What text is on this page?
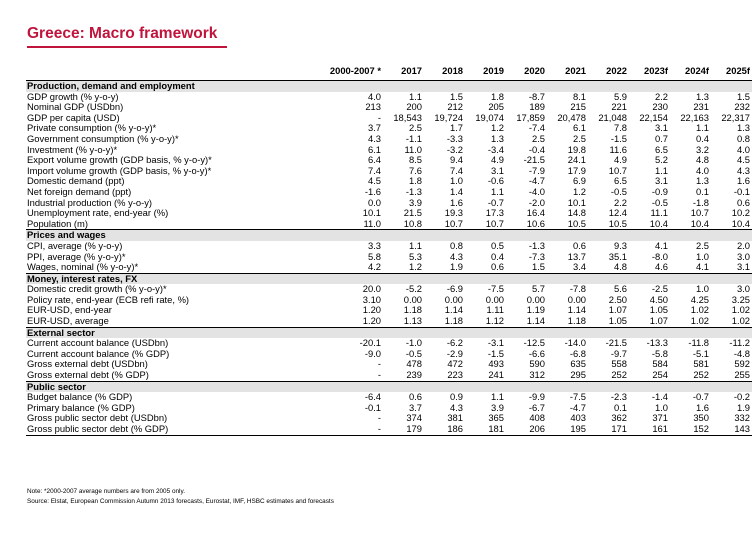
Greece: Macro framework
	2000-2007 *	2017	2018	2019	2020	2021	2022	2023f	2024f	2025f
Production, demand and employment										
GDP growth (% y-o-y)	4.0	1.1	1.5	1.8	-8.7	8.1	5.9	2.2	1.3	1.5
Nominal GDP (USDbn)	213	200	212	205	189	215	221	230	231	232
GDP per capita (USD)	-	18,543	19,724	19,074	17,859	20,478	21,048	22,154	22,163	22,317
Private consumption (% y-o-y)*	3.7	2.5	1.7	1.2	-7.4	6.1	7.8	3.1	1.1	1.3
Government consumption (% y-o-y)*	4.3	-1.1	-3.3	1.3	2.5	2.5	-1.5	0.7	0.4	0.8
Investment (% y-o-y)*	6.1	11.0	-3.2	-3.4	-0.4	19.8	11.6	6.5	3.2	4.0
Export volume growth (GDP basis, % y-o-y)*	6.4	8.5	9.4	4.9	-21.5	24.1	4.9	5.2	4.8	4.5
Import volume growth (GDP basis, % y-o-y)*	7.4	7.6	7.4	3.1	-7.9	17.9	10.7	1.1	4.0	4.3
Domestic demand (ppt)	4.5	1.8	1.0	-0.6	-4.7	6.9	6.5	3.1	1.3	1.6
Net foreign demand (ppt)	-1.6	-1.3	1.4	1.1	-4.0	1.2	-0.5	-0.9	0.1	-0.1
Industrial production (% y-o-y)	0.0	3.9	1.6	-0.7	-2.0	10.1	2.2	-0.5	-1.8	0.6
Unemployment rate, end-year (%)	10.1	21.5	19.3	17.3	16.4	14.8	12.4	11.1	10.7	10.2
Population (m)	11.0	10.8	10.7	10.7	10.6	10.5	10.5	10.4	10.4	10.4
Prices and wages										
CPI, average (% y-o-y)	3.3	1.1	0.8	0.5	-1.3	0.6	9.3	4.1	2.5	2.0
PPI, average (% y-o-y)*	5.8	5.3	4.3	0.4	-7.3	13.7	35.1	-8.0	1.0	3.0
Wages, nominal (% y-o-y)*	4.2	1.2	1.9	0.6	1.5	3.4	4.8	4.6	4.1	3.1
Money, interest rates, FX										
Domestic credit growth (% y-o-y)*	20.0	-5.2	-6.9	-7.5	5.7	-7.8	5.6	-2.5	1.0	3.0
Policy rate, end-year (ECB refi rate, %)	3.10	0.00	0.00	0.00	0.00	0.00	2.50	4.50	4.25	3.25
EUR-USD, end-year	1.20	1.18	1.14	1.11	1.19	1.14	1.07	1.05	1.02	1.02
EUR-USD, average	1.20	1.13	1.18	1.12	1.14	1.18	1.05	1.07	1.02	1.02
External sector										
Current account balance (USDbn)	-20.1	-1.0	-6.2	-3.1	-12.5	-14.0	-21.5	-13.3	-11.8	-11.2
Current account balance (% GDP)	-9.0	-0.5	-2.9	-1.5	-6.6	-6.8	-9.7	-5.8	-5.1	-4.8
Gross external debt (USDbn)	-	478	472	493	590	635	558	584	581	592
Gross external debt (% GDP)	-	239	223	241	312	295	252	254	252	255
Public sector										
Budget balance (% GDP)	-6.4	0.6	0.9	1.1	-9.9	-7.5	-2.3	-1.4	-0.7	-0.2
Primary balance (% GDP)	-0.1	3.7	4.3	3.9	-6.7	-4.7	0.1	1.0	1.6	1.9
Gross public sector debt (USDbn)	-	374	381	365	408	403	362	371	350	332
Gross public sector debt (% GDP)	-	179	186	181	206	195	171	161	152	143
Note: *2000-2007 average numbers are from 2005 only.
Source: Elstat, European Commission Autumn 2013 forecasts, Eurostat, IMF, HSBC estimates and forecasts
